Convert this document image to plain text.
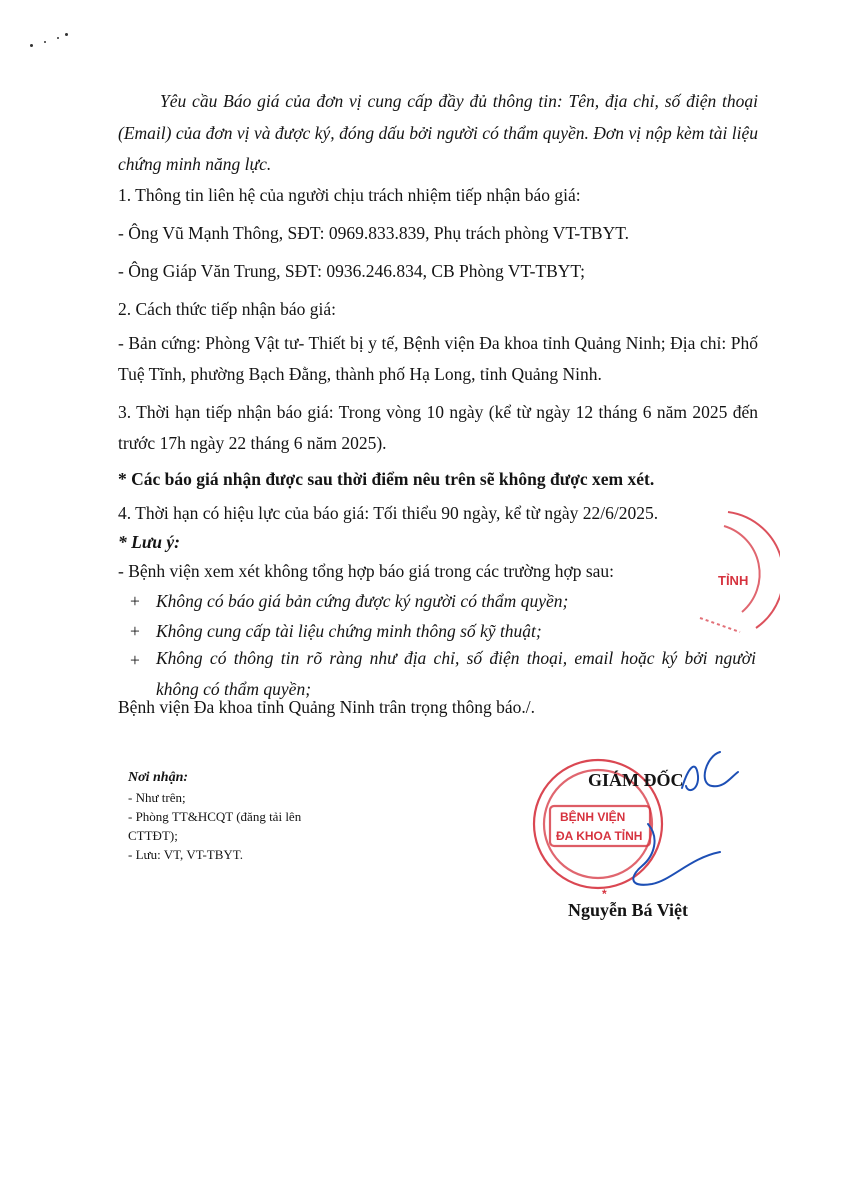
Yêu cầu Báo giá của đơn vị cung cấp đầy đủ thông tin: Tên, địa chỉ, số điện thoại (Email) của đơn vị và được ký, đóng dấu bởi người có thẩm quyền. Đơn vị nộp kèm tài liệu chứng minh năng lực.

1. Thông tin liên hệ của người chịu trách nhiệm tiếp nhận báo giá:

- Ông Vũ Mạnh Thông, SĐT: 0969.833.839, Phụ trách phòng VT-TBYT.

- Ông Giáp Văn Trung, SĐT: 0936.246.834, CB Phòng VT-TBYT;

2. Cách thức tiếp nhận báo giá:

- Bản cứng: Phòng Vật tư- Thiết bị y tế, Bệnh viện Đa khoa tỉnh Quảng Ninh; Địa chỉ: Phố Tuệ Tĩnh, phường Bạch Đằng, thành phố Hạ Long, tỉnh Quảng Ninh.

3. Thời hạn tiếp nhận báo giá: Trong vòng 10 ngày (kể từ ngày 12 tháng 6 năm 2025 đến trước 17h ngày 22 tháng 6 năm 2025).

* Các báo giá nhận được sau thời điểm nêu trên sẽ không được xem xét.

4. Thời hạn có hiệu lực của báo giá: Tối thiểu 90 ngày, kể từ ngày 22/6/2025.

* Lưu ý:

- Bệnh viện xem xét không tổng hợp báo giá trong các trường hợp sau:

+ Không có báo giá bản cứng được ký người có thẩm quyền;

+ Không cung cấp tài liệu chứng minh thông số kỹ thuật;

+ Không có thông tin rõ ràng như địa chỉ, số điện thoại, email hoặc ký bởi người không có thẩm quyền;

Bệnh viện Đa khoa tỉnh Quảng Ninh trân trọng thông báo./.

Nơi nhận:

- Như trên;

- Phòng TT&HCQT (đăng tải lên

CTTĐT);

- Lưu: VT, VT-TBYT.

TỈNH
BỆNH VIỆN
ĐA KHOA TỈNH
*

GIÁM ĐỐC

Nguyễn Bá Việt
